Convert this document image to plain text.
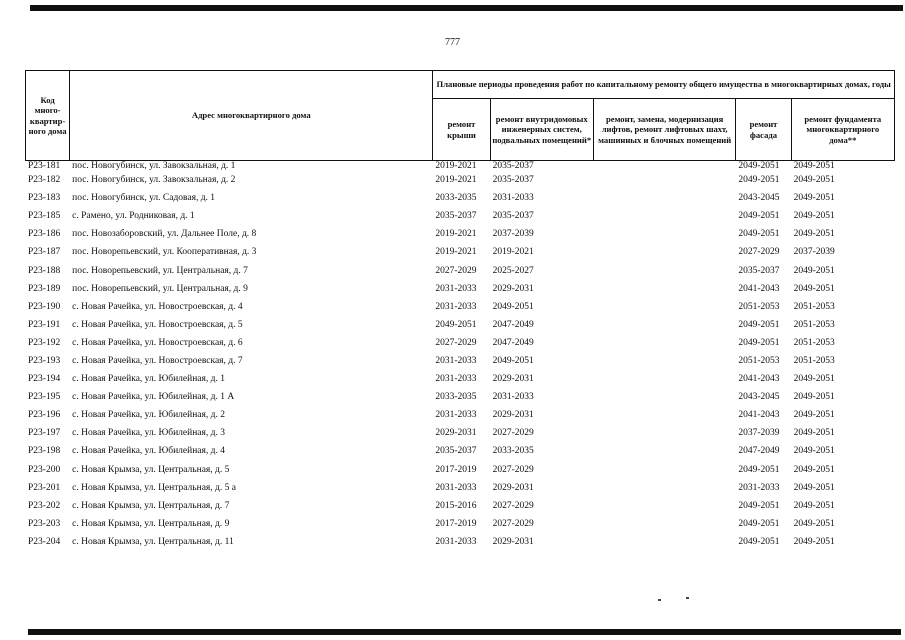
777
Код много-квартир-ного дома	Адрес многоквартирного дома	Плановые периоды проведения работ по капитальному ремонту общего имущества в многоквартирных домах, годы				
		ремонт крыши	ремонт внутридомовых инженерных систем, подвальных помещений*	ремонт, замена, модернизация лифтов, ремонт лифтовых шахт, машинных и блочных помещений	ремонт фасада	ремонт фундамента многоквартирного дома**
Р23-181	пос. Новогубинск, ул. Завокзальная, д. 1	2019-2021	2035-2037		2049-2051	2049-2051
Р23-182	пос. Новогубинск, ул. Завокзальная, д. 2	2019-2021	2035-2037		2049-2051	2049-2051
Р23-183	пос. Новогубинск, ул. Садовая, д. 1	2033-2035	2031-2033		2043-2045	2049-2051
Р23-185	с. Рамено, ул. Родниковая, д. 1	2035-2037	2035-2037		2049-2051	2049-2051
Р23-186	пос. Новозаборовский, ул. Дальнее Поле, д. 8	2019-2021	2037-2039		2049-2051	2049-2051
Р23-187	пос. Новорепьевский, ул. Кооперативная, д. 3	2019-2021	2019-2021		2027-2029	2037-2039
Р23-188	пос. Новорепьевский, ул. Центральная, д. 7	2027-2029	2025-2027		2035-2037	2049-2051
Р23-189	пос. Новорепьевский, ул. Центральная, д. 9	2031-2033	2029-2031		2041-2043	2049-2051
Р23-190	с. Новая Рачейка, ул. Новостроевская, д. 4	2031-2033	2049-2051		2051-2053	2051-2053
Р23-191	с. Новая Рачейка, ул. Новостроевская, д. 5	2049-2051	2047-2049		2049-2051	2051-2053
Р23-192	с. Новая Рачейка, ул. Новостроевская, д. 6	2027-2029	2047-2049		2049-2051	2051-2053
Р23-193	с. Новая Рачейка, ул. Новостроевская, д. 7	2031-2033	2049-2051		2051-2053	2051-2053
Р23-194	с. Новая Рачейка, ул. Юбилейная, д. 1	2031-2033	2029-2031		2041-2043	2049-2051
Р23-195	с. Новая Рачейка, ул. Юбилейная, д. 1 А	2033-2035	2031-2033		2043-2045	2049-2051
Р23-196	с. Новая Рачейка, ул. Юбилейная, д. 2	2031-2033	2029-2031		2041-2043	2049-2051
Р23-197	с. Новая Рачейка, ул. Юбилейная, д. 3	2029-2031	2027-2029		2037-2039	2049-2051
Р23-198	с. Новая Рачейка, ул. Юбилейная, д. 4	2035-2037	2033-2035		2047-2049	2049-2051
Р23-200	с. Новая Крымза, ул. Центральная, д. 5	2017-2019	2027-2029		2049-2051	2049-2051
Р23-201	с. Новая Крымза, ул. Центральная, д. 5 а	2031-2033	2029-2031		2031-2033	2049-2051
Р23-202	с. Новая Крымза, ул. Центральная, д. 7	2015-2016	2027-2029		2049-2051	2049-2051
Р23-203	с. Новая Крымза, ул. Центральная, д. 9	2017-2019	2027-2029		2049-2051	2049-2051
Р23-204	с. Новая Крымза, ул. Центральная, д. 11	2031-2033	2029-2031		2049-2051	2049-2051
